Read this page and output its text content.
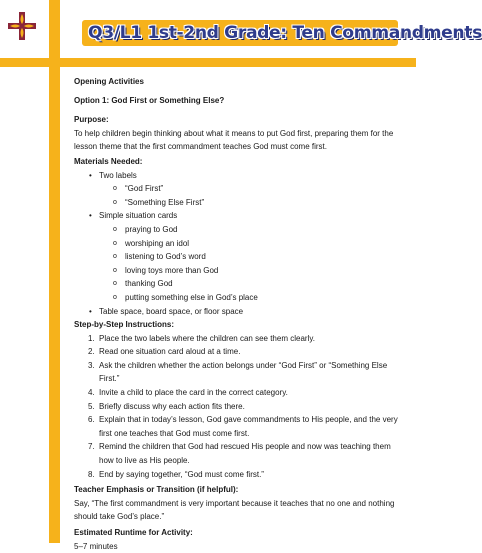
Q3/L1 1st-2nd Grade: Ten Commandments
Opening Activities
Option 1: God First or Something Else?
Purpose:
To help children begin thinking about what it means to put God first, preparing them for the lesson theme that the first commandment teaches God must come first.
Materials Needed:
• Two labels
o “God First”
o “Something Else First”
• Simple situation cards
o praying to God
o worshiping an idol
o listening to God’s word
o loving toys more than God
o thanking God
o putting something else in God’s place
• Table space, board space, or floor space
Step-by-Step Instructions:
1. Place the two labels where the children can see them clearly.
2. Read one situation card aloud at a time.
3. Ask the children whether the action belongs under “God First” or “Something Else First.”
4. Invite a child to place the card in the correct category.
5. Briefly discuss why each action fits there.
6. Explain that in today’s lesson, God gave commandments to His people, and the very first one teaches that God must come first.
7. Remind the children that God had rescued His people and now was teaching them how to live as His people.
8. End by saying together, “God must come first.”
Teacher Emphasis or Transition (if helpful):
Say, “The first commandment is very important because it teaches that no one and nothing should take God’s place.”
Estimated Runtime for Activity:
5–7 minutes
